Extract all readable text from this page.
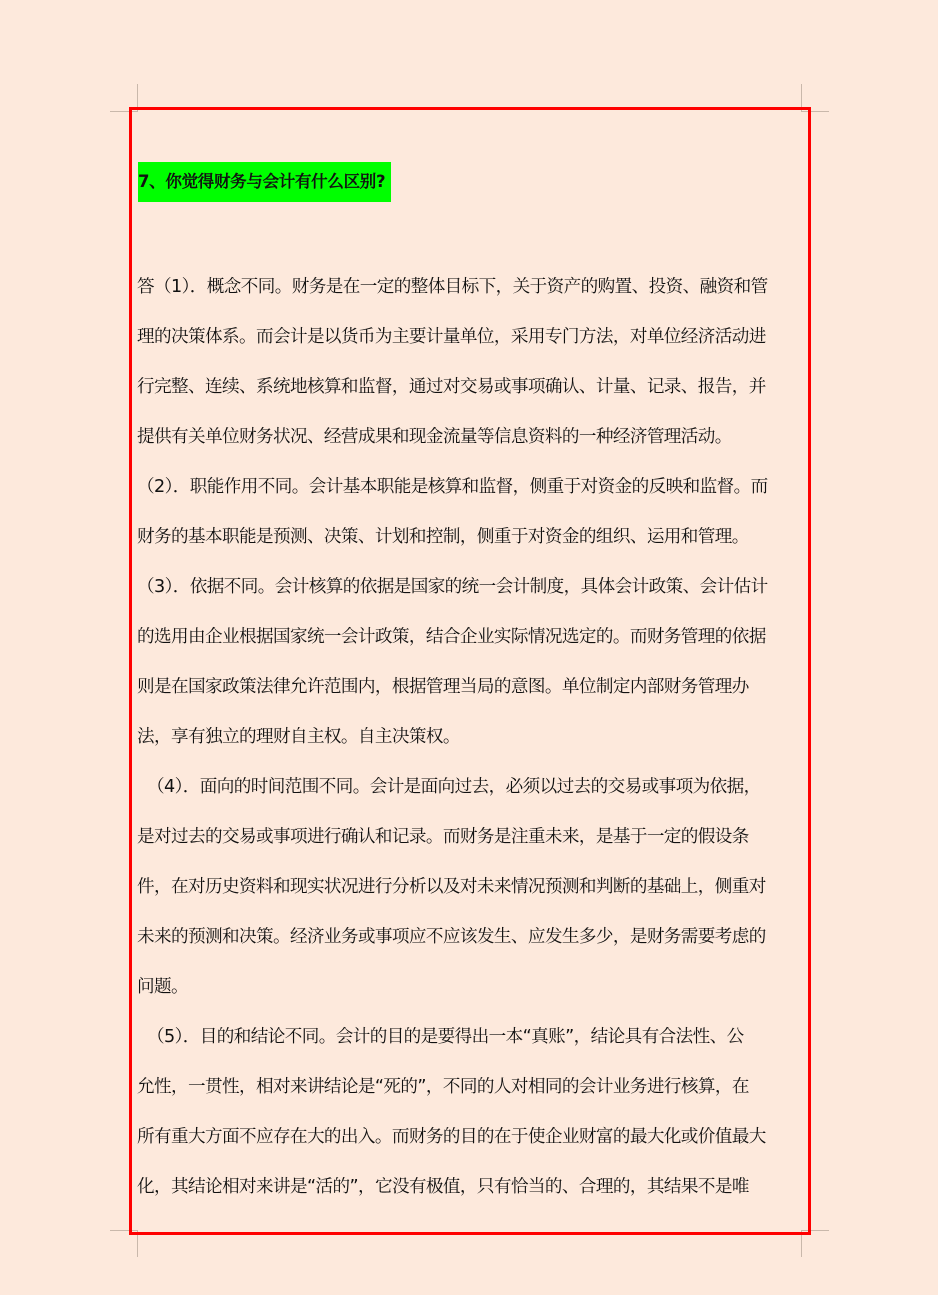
7、你觉得财务与会计有什么区别?
答（1）．概念不同。财务是在一定的整体目标下，关于资产的购置、投资、融资和管
理的决策体系。而会计是以货币为主要计量单位，采用专门方法，对单位经济活动进
行完整、连续、系统地核算和监督，通过对交易或事项确认、计量、记录、报告，并
提供有关单位财务状况、经营成果和现金流量等信息资料的一种经济管理活动。
（2）．职能作用不同。会计基本职能是核算和监督，侧重于对资金的反映和监督。而
财务的基本职能是预测、决策、计划和控制，侧重于对资金的组织、运用和管理。
（3）．依据不同。会计核算的依据是国家的统一会计制度，具体会计政策、会计估计
的选用由企业根据国家统一会计政策，结合企业实际情况选定的。而财务管理的依据
则是在国家政策法律允许范围内，根据管理当局的意图。单位制定内部财务管理办
法，享有独立的理财自主权。自主决策权。
（4）．面向的时间范围不同。会计是面向过去，必须以过去的交易或事项为依据，
是对过去的交易或事项进行确认和记录。而财务是注重未来，是基于一定的假设条
件，在对历史资料和现实状况进行分析以及对未来情况预测和判断的基础上，侧重对
未来的预测和决策。经济业务或事项应不应该发生、应发生多少，是财务需要考虑的
问题。
（5）．目的和结论不同。会计的目的是要得出一本“真账”，结论具有合法性、公
允性，一贯性，相对来讲结论是“死的”，不同的人对相同的会计业务进行核算，在
所有重大方面不应存在大的出入。而财务的目的在于使企业财富的最大化或价值最大
化，其结论相对来讲是“活的”，它没有极值，只有恰当的、合理的，其结果不是唯
